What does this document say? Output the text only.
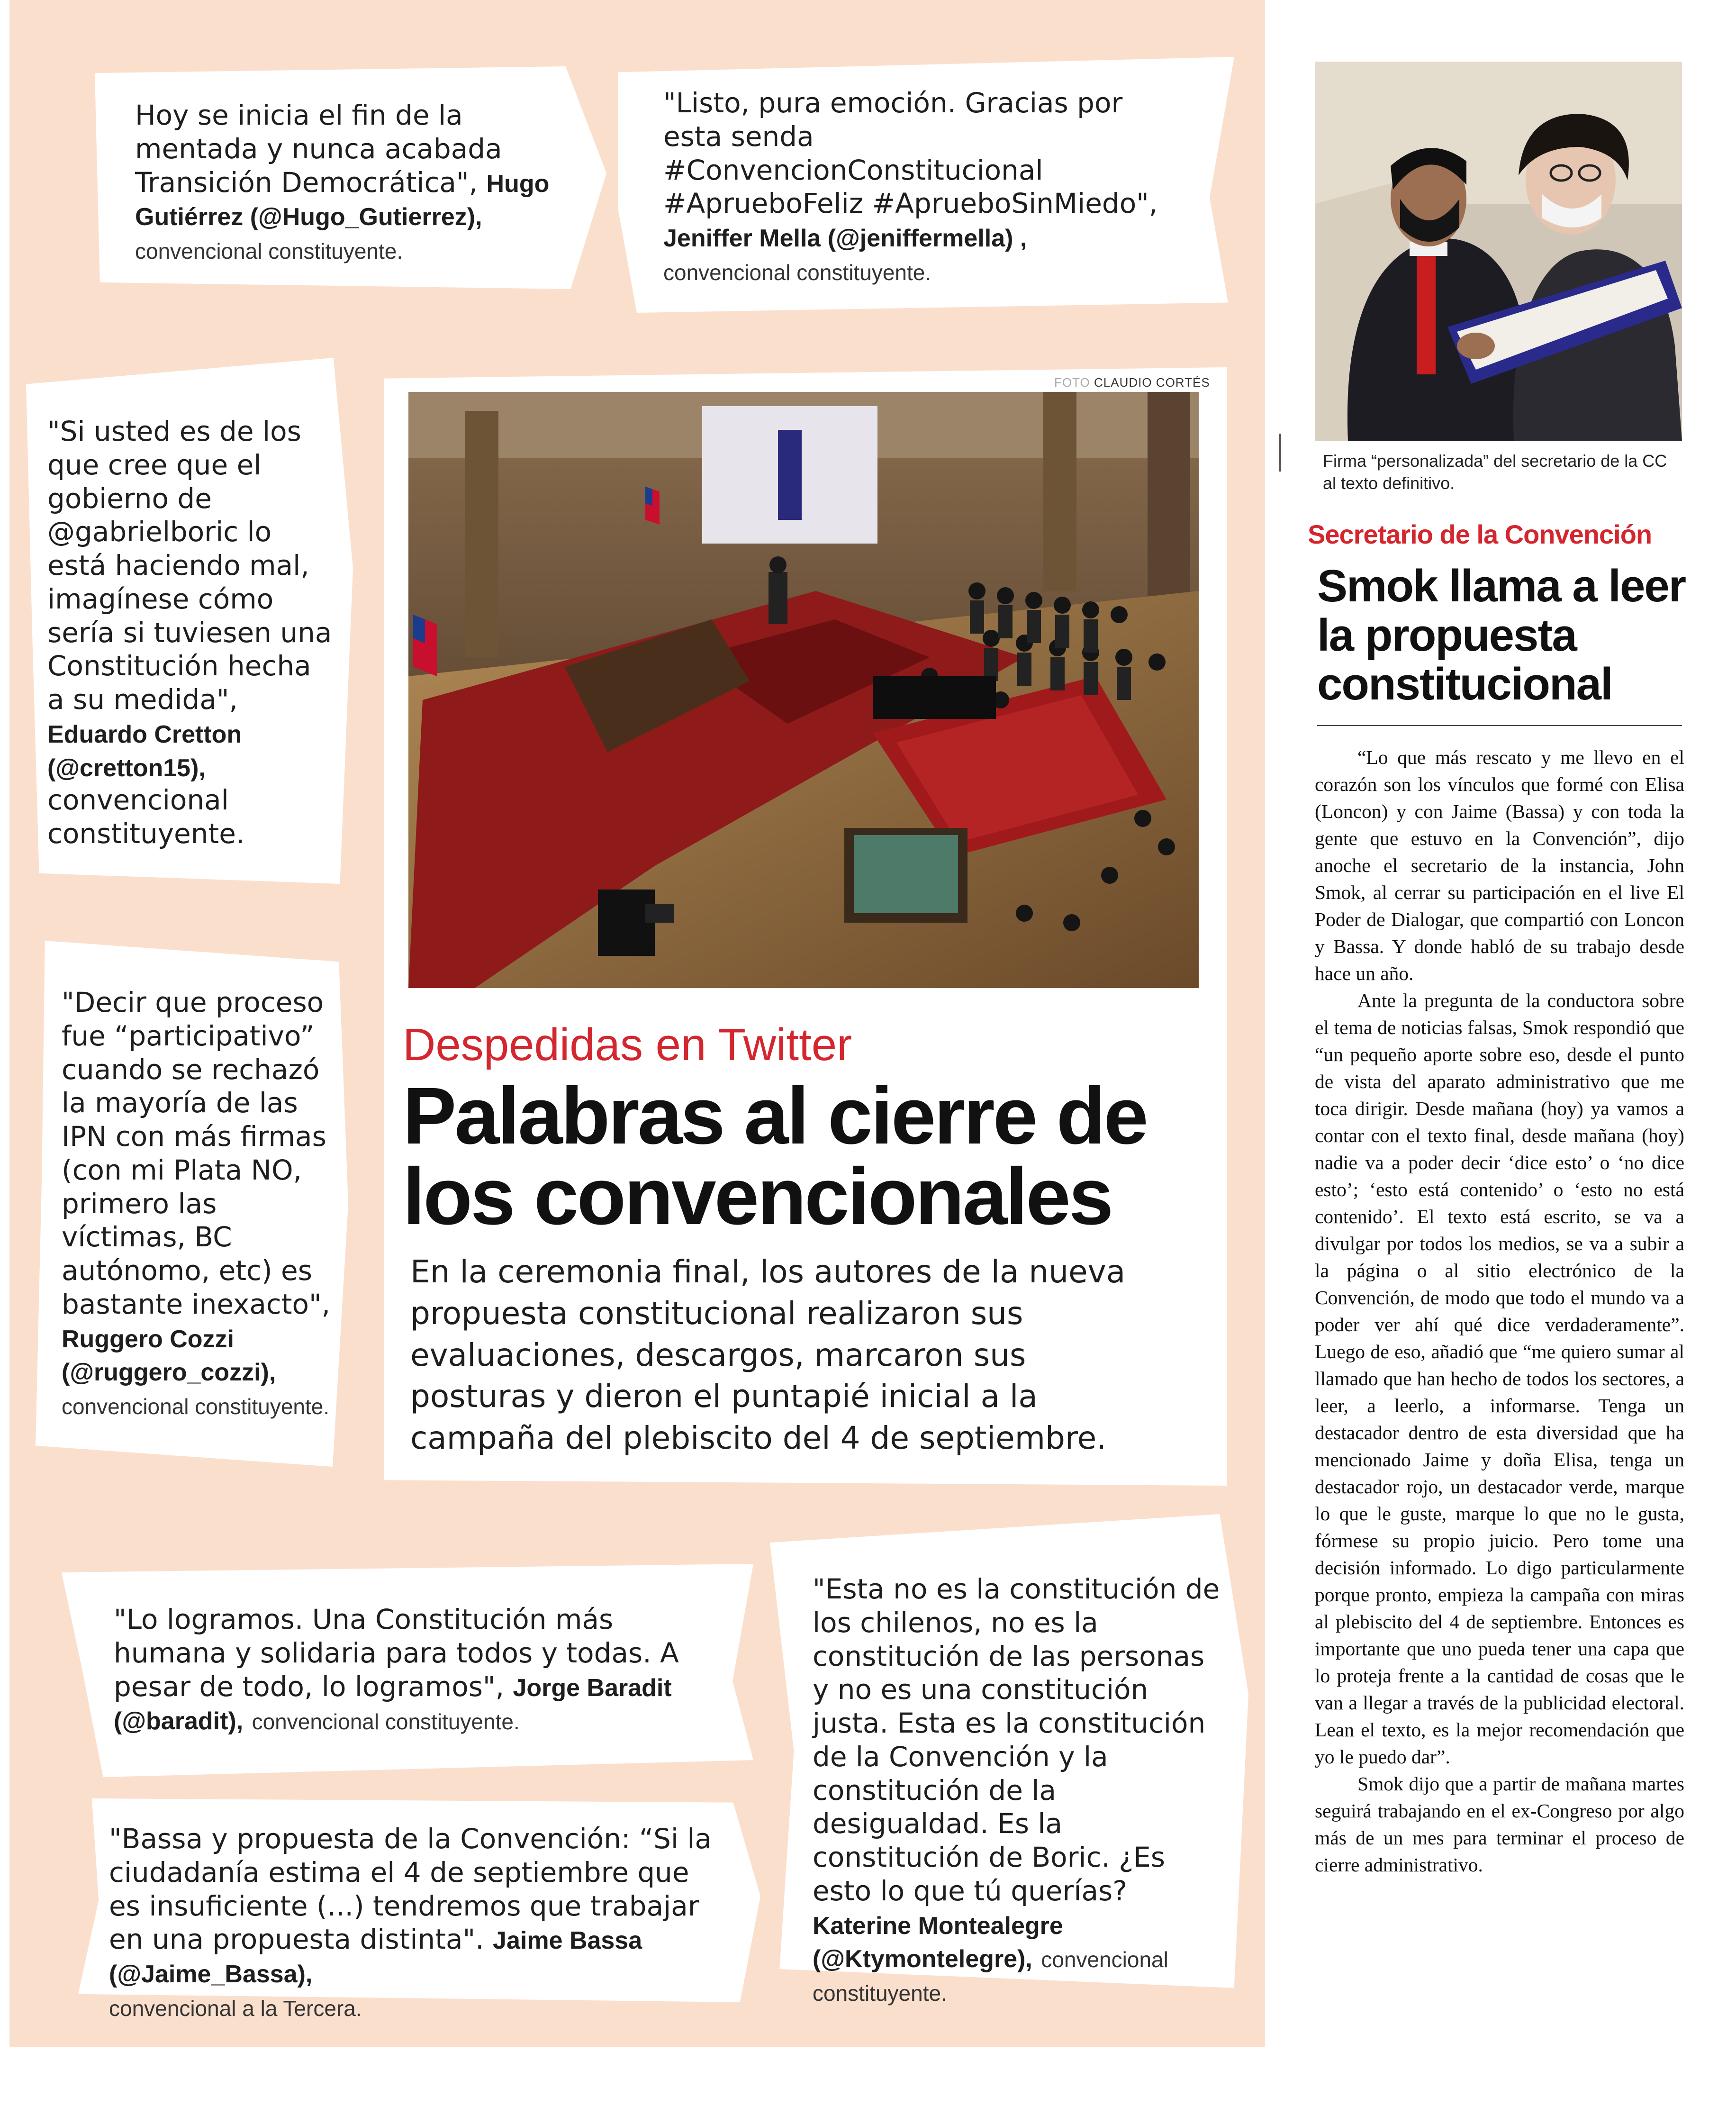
Hoy se inicia el fin de la mentada y nunca acabada Transición Democrática", Hugo Gutiérrez (@Hugo_Gutierrez), convencional constituyente.
"Listo, pura emoción. Gracias por esta senda #ConvencionConstitucional #AprueboFeliz #AprueboSinMiedo",
Jeniffer Mella (@jeniffermella) ,
convencional constituyente.
"Si usted es de los que cree que el gobierno de @gabrielboric lo está haciendo mal, imagínese cómo sería si tuviesen una Constitución hecha a su medida",
Eduardo Cretton (@cretton15),
convencional constituyente.
"Decir que proceso fue “participativo” cuando se rechazó la mayoría de las IPN con más firmas (con mi Plata NO, primero las víctimas, BC autónomo, etc) es bastante inexacto",
Ruggero Cozzi (@ruggero_cozzi),
convencional constituyente.
FOTO CLAUDIO CORTÉS
Despedidas en Twitter
Palabras al cierre de los convencionales
En la ceremonia final, los autores de la nueva propuesta constitucional realizaron sus evaluaciones, descargos, marcaron sus posturas y dieron el puntapié inicial a la campaña del plebiscito del 4 de septiembre.
"Lo logramos. Una Constitución más humana y solidaria para todos y todas. A pesar de todo, lo logramos", Jorge Baradit (@baradit), convencional constituyente.
"Bassa y propuesta de la Convención: “Si la ciudadanía estima el 4 de septiembre que es insuficiente (...) tendremos que trabajar en una propuesta distinta". Jaime Bassa (@Jaime_Bassa),
convencional a la Tercera.
"Esta no es la constitución de los chilenos, no es la constitución de las personas y no es una constitución justa. Esta es la constitución de la Convención y la constitución de la desigualdad. Es la constitución de Boric. ¿Es esto lo que tú querías?
Katerine Montealegre (@Ktymontelegre), convencional constituyente.
Firma “personalizada” del secretario de la CC al texto definitivo.
Secretario de la Convención
Smok llama a leer la propuesta constitucional

“Lo que más rescato y me llevo en el corazón son los vínculos que formé con Elisa (Loncon) y con Jaime (Bassa) y con toda la gente que estuvo en la Convención”, dijo anoche el secretario de la instancia, John Smok, al cerrar su participación en el live El Poder de Dialogar, que compartió con Loncon y Bassa. Y donde habló de su trabajo desde hace un año.

Ante la pregunta de la conductora sobre el tema de noticias falsas, Smok respondió que “un pequeño aporte sobre eso, desde el punto de vista del aparato administrativo que me toca dirigir. Desde mañana (hoy) ya vamos a contar con el texto final, desde mañana (hoy) nadie va a poder decir ‘dice esto’ o ‘no dice esto’; ‘esto está contenido’ o ‘esto no está contenido’. El texto está escrito, se va a divulgar por todos los medios, se va a subir a la página o al sitio electrónico de la Convención, de modo que todo el mundo va a poder ver ahí qué dice verdaderamente”. Luego de eso, añadió que “me quiero sumar al llamado que han hecho de todos los sectores, a leer, a leerlo, a informarse. Tenga un destacador dentro de esta diversidad que ha mencionado Jaime y doña Elisa, tenga un destacador rojo, un destacador verde, marque lo que le guste, marque lo que no le gusta, fórmese su propio juicio. Pero tome una decisión informado. Lo digo particularmente porque pronto, empieza la campaña con miras al plebiscito del 4 de septiembre. Entonces es importante que uno pueda tener una capa que lo proteja frente a la cantidad de cosas que le van a llegar a través de la publicidad electoral. Lean el texto, es la mejor recomendación que yo le puedo dar”.

Smok dijo que a partir de mañana martes seguirá trabajando en el ex-Congreso por algo más de un mes para terminar el proceso de cierre administrativo.
